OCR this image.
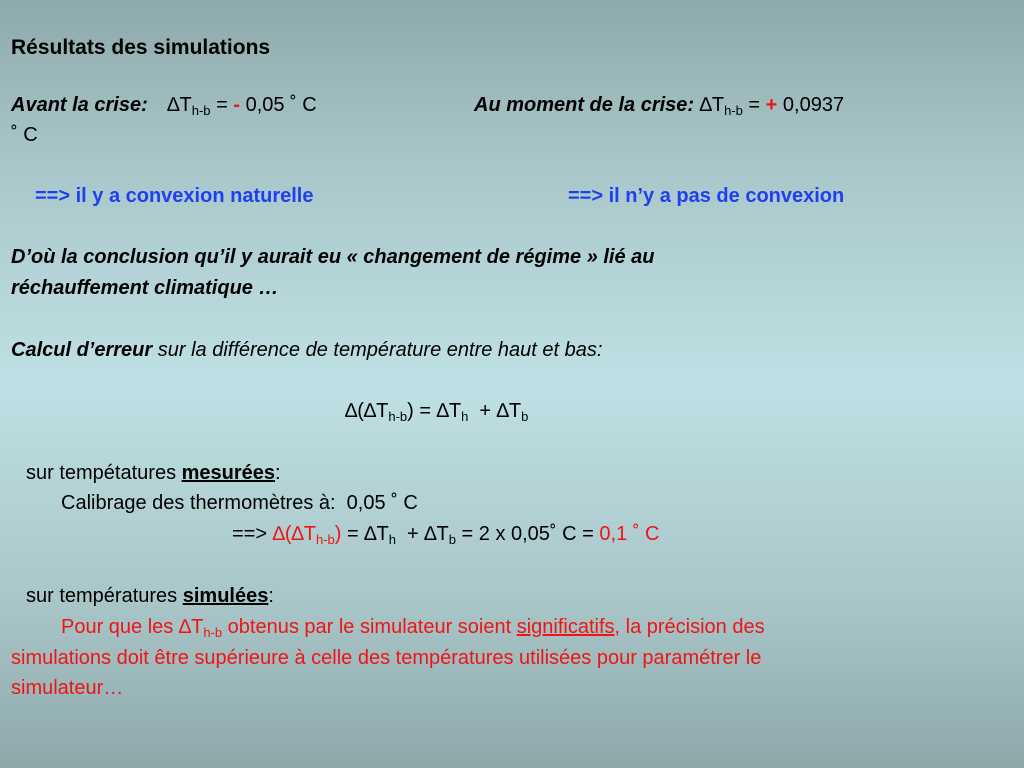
Résultats des simulations
Avant la crise: $\Delta T_{h-b}$ = - 0,05 ˚ C	Au moment de la crise: $\Delta T_{h-b}$ = + 0,0937
˚ C
==> il y a convexion naturelle	==> il n’y a pas de convexion
D’où la conclusion qu’il y aurait eu « changement de régime » lié au
réchauffement climatique …
Calcul d’erreur sur la différence de température entre haut et bas:
$\Delta(\Delta T_{h-b}) = \Delta T_h + \Delta T_b$
sur tempétatures mesurées:
Calibrage des thermomètres à:  0,05 ˚ C
==> $\Delta(\Delta T_{h-b}) = \Delta T_h + \Delta T_b = 2$ x 0,05˚ C = 0,1 ˚ C
sur températures simulées:
Pour que les $\Delta T_{h-b}$ obtenus par le simulateur soient significatifs, la précision des
simulations doit être supérieure à celle des températures utilisées pour paramétrer le
simulateur…
